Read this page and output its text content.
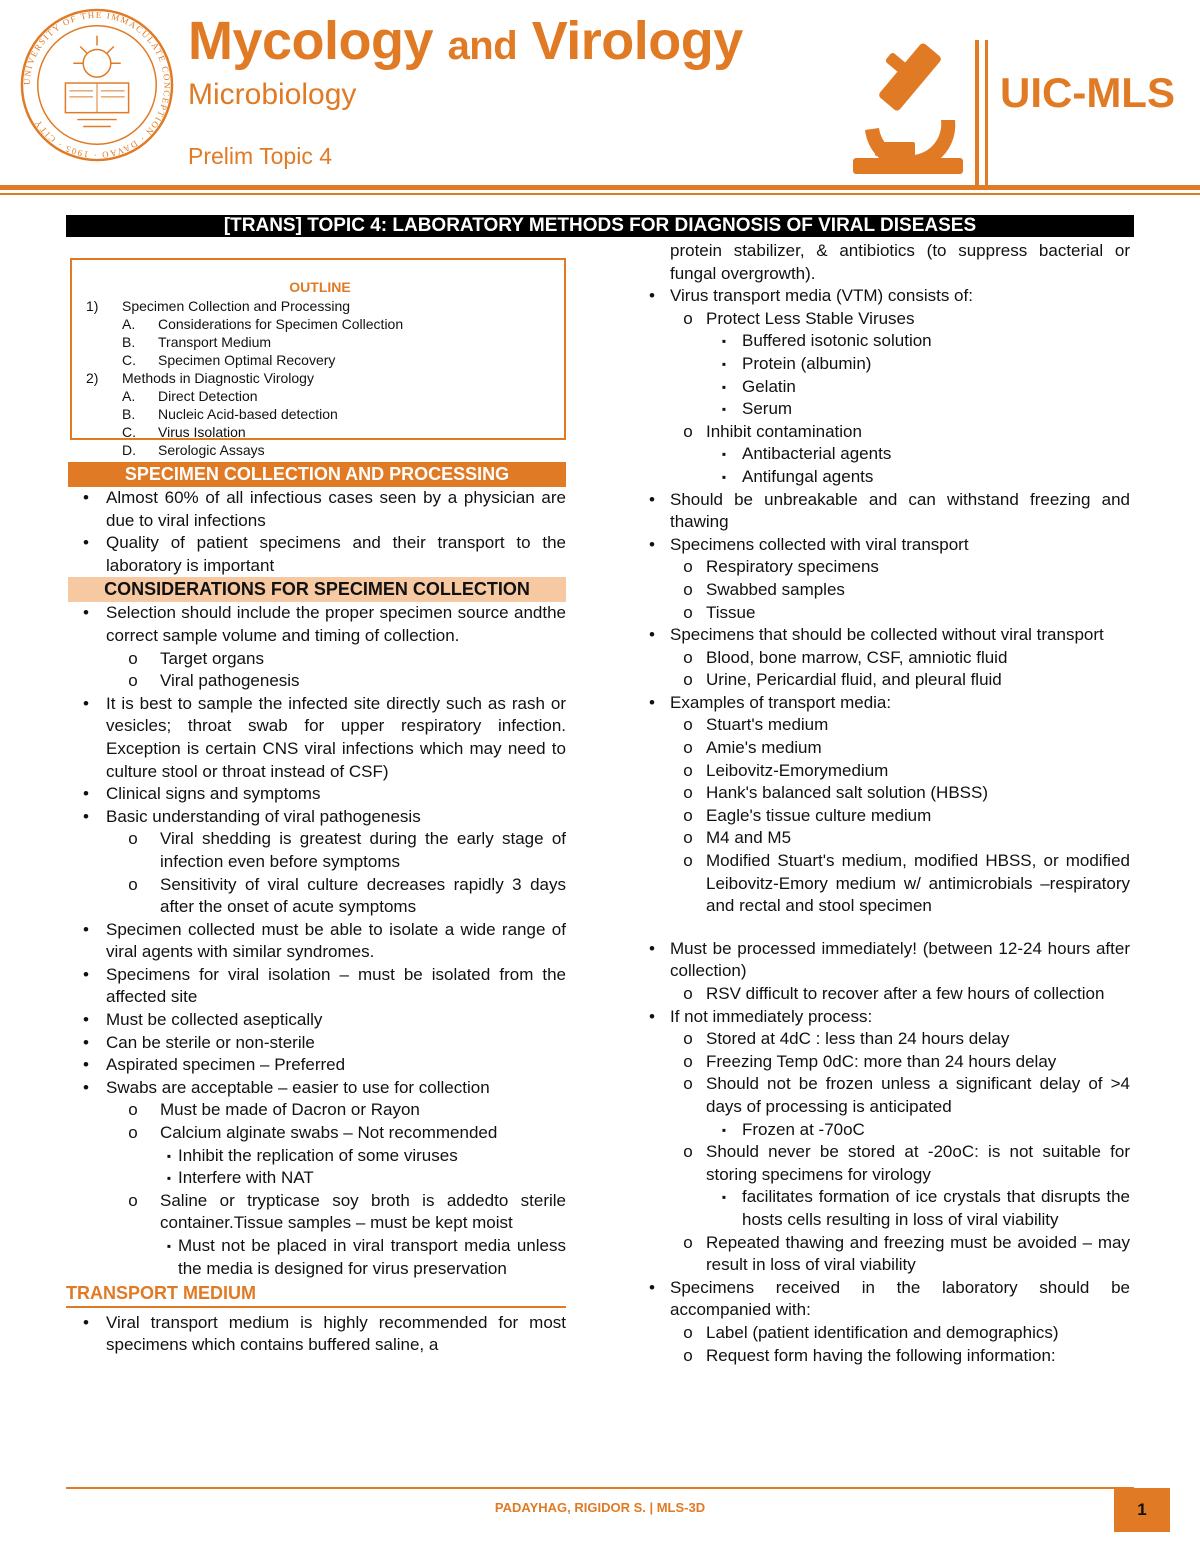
UNIVERSITY OF THE IMMACULATE CONCEPTION · DAVAO · 1905 · CITY
Mycology and Virology
Microbiology
Prelim Topic 4
UIC-MLS
[TRANS] TOPIC 4: LABORATORY METHODS FOR DIAGNOSIS OF VIRAL DISEASES
OUTLINE
1)	Specimen Collection and Processing
A.	Considerations for Specimen Collection
B.	Transport Medium
C.	Specimen Optimal Recovery
2)	Methods in Diagnostic Virology
A.	Direct Detection
B.	Nucleic Acid-based detection
C.	Virus Isolation
D.	Serologic Assays
SPECIMEN COLLECTION AND PROCESSING
•	Almost 60% of all infectious cases seen by a physician are due to viral infections
•	Quality of patient specimens and their transport to the laboratory is important
CONSIDERATIONS FOR SPECIMEN COLLECTION
•	Selection should include the proper specimen source andthe correct sample volume and timing of collection.
o	Target organs
o	Viral pathogenesis
•	It is best to sample the infected site directly such as rash or vesicles; throat swab for upper respiratory infection. Exception is certain CNS viral infections which may need to culture stool or throat instead of CSF)
•	Clinical signs and symptoms
•	Basic understanding of viral pathogenesis
o	Viral shedding is greatest during the early stage of infection even before symptoms
o	Sensitivity of viral culture decreases rapidly 3 days after the onset of acute symptoms
•	Specimen collected must be able to isolate a wide range of viral agents with similar syndromes.
•	Specimens for viral isolation – must be isolated from the affected site
•	Must be collected aseptically
•	Can be sterile or non-sterile
•	Aspirated specimen – Preferred
•	Swabs are acceptable – easier to use for collection
o	Must be made of Dacron or Rayon
o	Calcium alginate swabs – Not recommended
▪ Inhibit the replication of some viruses
▪ Interfere with NAT
o	Saline or trypticase soy broth is addedto sterile container.Tissue samples – must be kept moist
▪ Must not be placed in viral transport media unless the media is designed for virus preservation
TRANSPORT MEDIUM
•	Viral transport medium is highly recommended for most specimens which contains buffered saline, a
protein stabilizer, & antibiotics (to suppress bacterial or fungal overgrowth).
• Virus transport media (VTM) consists of:
o Protect Less Stable Viruses
▪ Buffered isotonic solution
▪ Protein (albumin)
▪ Gelatin
▪ Serum
o Inhibit contamination
▪ Antibacterial agents
▪ Antifungal agents
• Should be unbreakable and can withstand freezing and thawing
• Specimens collected with viral transport
o Respiratory specimens
o Swabbed samples
o Tissue
• Specimens that should be collected without viral transport
o Blood, bone marrow, CSF, amniotic fluid
o Urine, Pericardial fluid, and pleural fluid
• Examples of transport media:
o Stuart's medium
o Amie's medium
o Leibovitz-Emorymedium
o Hank's balanced salt solution (HBSS)
o Eagle's tissue culture medium
o M4 and M5
o Modified Stuart's medium, modified HBSS, or modified Leibovitz-Emory medium w/ antimicrobials –respiratory and rectal and stool specimen
• Must be processed immediately! (between 12-24 hours after collection)
o RSV difficult to recover after a few hours of collection
• If not immediately process:
o Stored at 4dC : less than 24 hours delay
o Freezing Temp 0dC: more than 24 hours delay
o Should not be frozen unless a significant delay of >4 days of processing is anticipated
▪ Frozen at -70oC
o Should never be stored at -20oC: is not suitable for storing specimens for virology
▪ facilitates formation of ice crystals that disrupts the hosts cells resulting in loss of viral viability
o Repeated thawing and freezing must be avoided – may result in loss of viral viability
• Specimens received in the laboratory should be accompanied with:
o Label (patient identification and demographics)
o Request form having the following information:
PADAYHAG, RIGIDOR S. | MLS-3D	1
